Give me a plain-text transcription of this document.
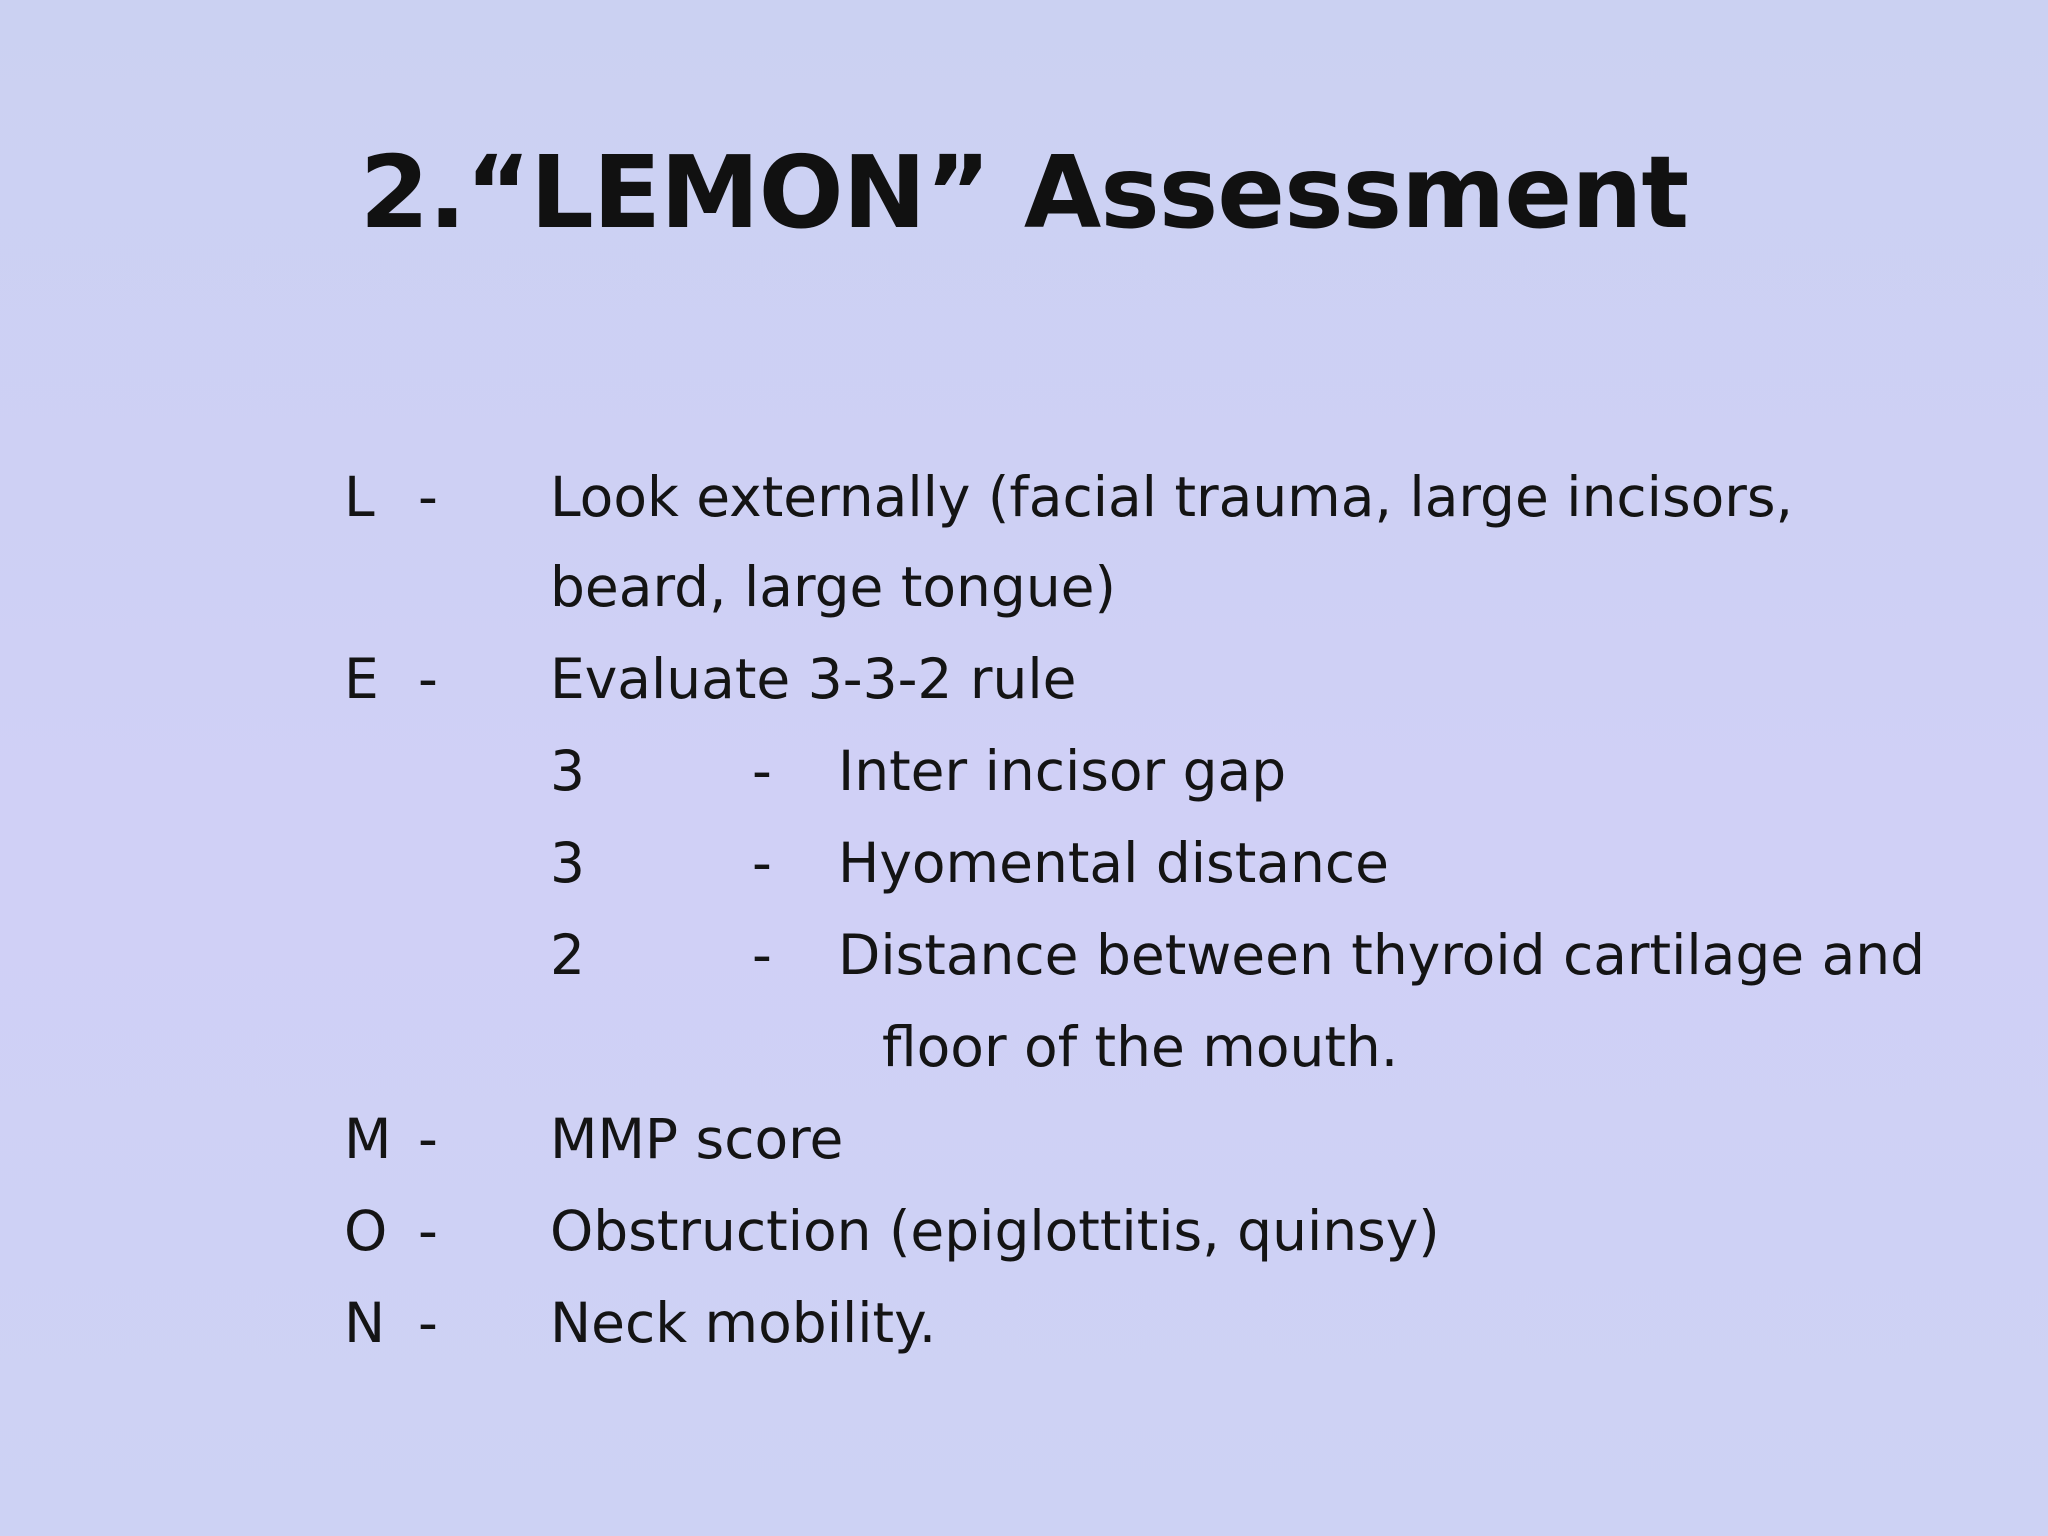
2.“LEMON” Assessment
L - Look externally (facial trauma, large incisors,
beard, large tongue)
E - Evaluate 3-3-2 rule
3	- Inter incisor gap
3	- Hyomental distance
2	- Distance between thyroid cartilage and
floor of the mouth.
M - MMP score
O - Obstruction (epiglottitis, quinsy)
N - Neck mobility.
